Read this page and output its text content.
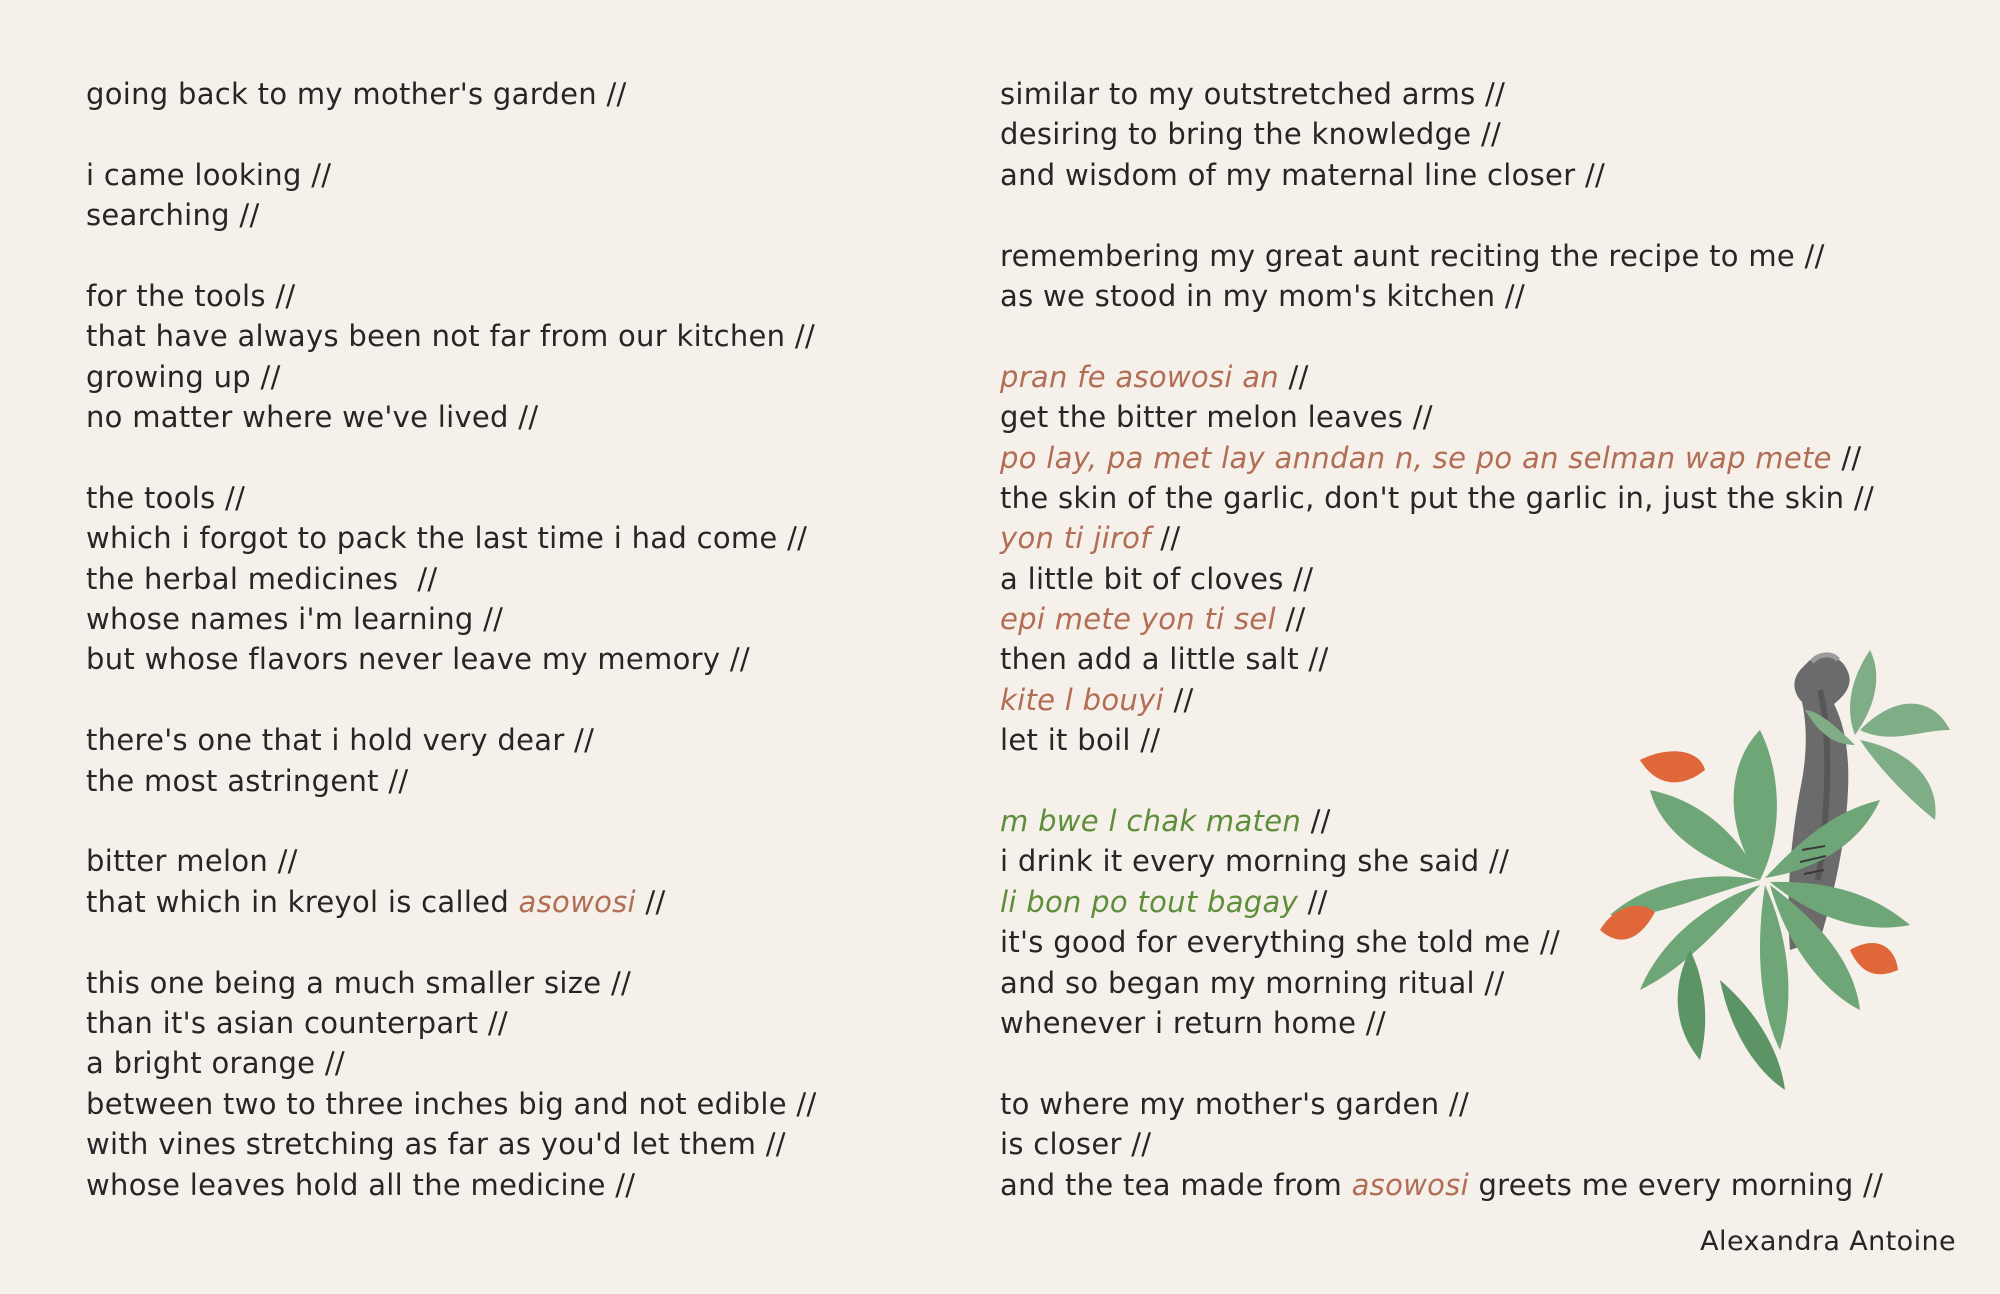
going back to my mother's garden //
i came looking //
searching //
for the tools //
that have always been not far from our kitchen //
growing up //
no matter where we've lived //
the tools //
which i forgot to pack the last time i had come //
the herbal medicines  //
whose names i'm learning //
but whose flavors never leave my memory //
there's one that i hold very dear //
the most astringent //
bitter melon //
that which in kreyol is called asowosi //
this one being a much smaller size //
than it's asian counterpart //
a bright orange //
between two to three inches big and not edible //
with vines stretching as far as you'd let them //
whose leaves hold all the medicine //
similar to my outstretched arms //
desiring to bring the knowledge //
and wisdom of my maternal line closer //
remembering my great aunt reciting the recipe to me //
as we stood in my mom's kitchen //
pran fe asowosi an //
get the bitter melon leaves //
po lay, pa met lay anndan n, se po an selman wap mete //
the skin of the garlic, don't put the garlic in, just the skin //
yon ti jirof //
a little bit of cloves //
epi mete yon ti sel //
then add a little salt //
kite l bouyi //
let it boil //
m bwe l chak maten //
i drink it every morning she said //
li bon po tout bagay //
it's good for everything she told me //
and so began my morning ritual //
whenever i return home //
to where my mother's garden //
is closer //
and the tea made from asowosi greets me every morning //
Alexandra Antoine
